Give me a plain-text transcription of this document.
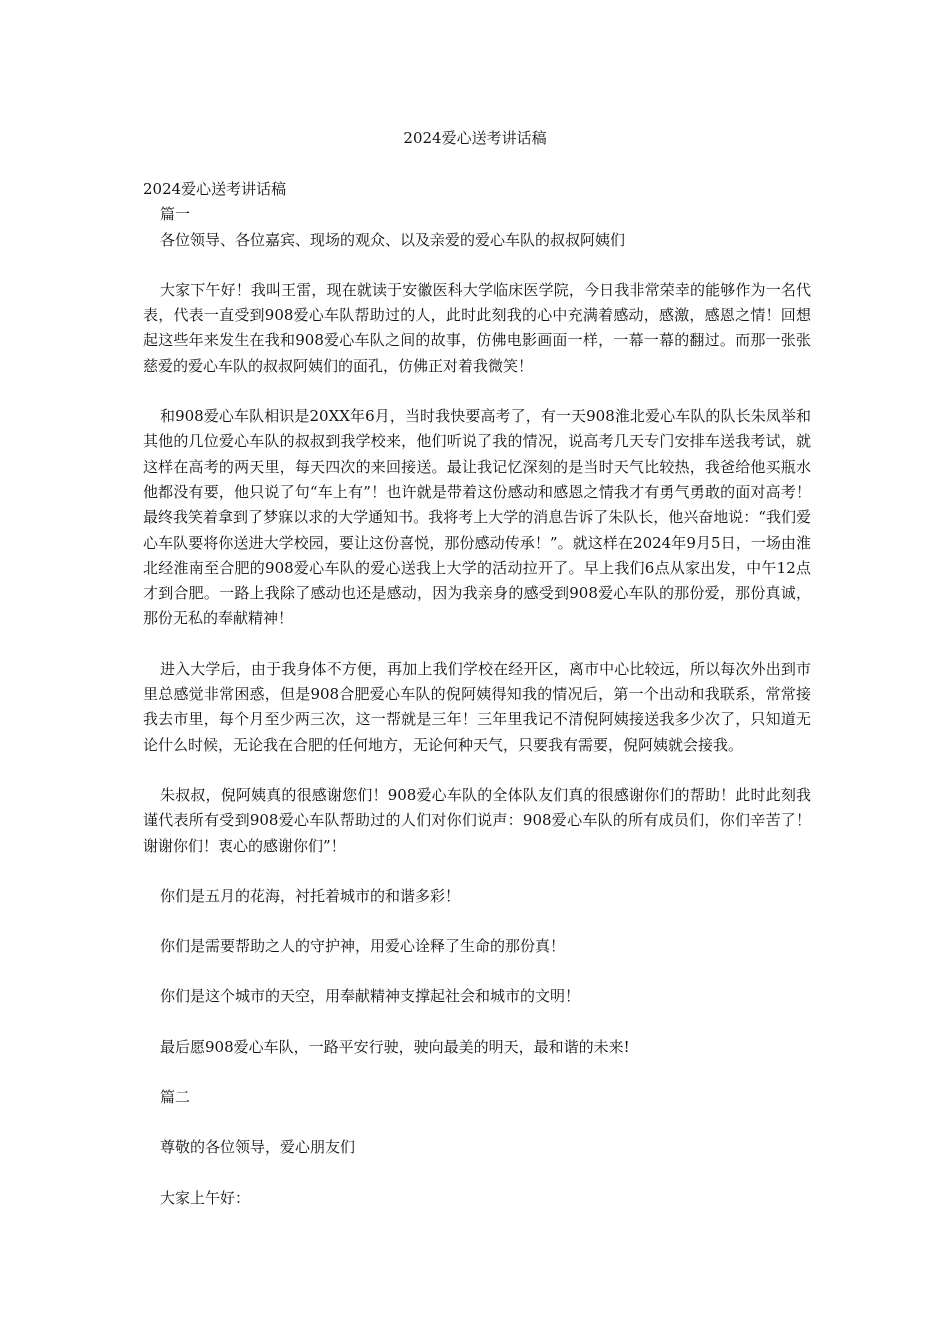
2024爱心送考讲话稿

2024爱心送考讲话稿

篇一

各位领导、各位嘉宾、现场的观众、以及亲爱的爱心车队的叔叔阿姨们

大家下午好！我叫王雷，现在就读于安徽医科大学临床医学院，今日我非常荣幸的能够作为一名代表，代表一直受到908爱心车队帮助过的人，此时此刻我的心中充满着感动，感激，感恩之情！回想起这些年来发生在我和908爱心车队之间的故事，仿佛电影画面一样，一幕一幕的翻过。而那一张张慈爱的爱心车队的叔叔阿姨们的面孔，仿佛正对着我微笑！

和908爱心车队相识是20XX年6月，当时我快要高考了，有一天908淮北爱心车队的队长朱凤举和其他的几位爱心车队的叔叔到我学校来，他们听说了我的情况，说高考几天专门安排车送我考试，就这样在高考的两天里，每天四次的来回接送。最让我记忆深刻的是当时天气比较热，我爸给他买瓶水他都没有要，他只说了句“车上有”！也许就是带着这份感动和感恩之情我才有勇气勇敢的面对高考！最终我笑着拿到了梦寐以求的大学通知书。我将考上大学的消息告诉了朱队长，他兴奋地说：“我们爱心车队要将你送进大学校园，要让这份喜悦，那份感动传承！”。就这样在2024年9月5日，一场由淮北经淮南至合肥的908爱心车队的爱心送我上大学的活动拉开了。早上我们6点从家出发，中午12点才到合肥。一路上我除了感动也还是感动，因为我亲身的感受到908爱心车队的那份爱，那份真诚，那份无私的奉献精神！

进入大学后，由于我身体不方便，再加上我们学校在经开区，离市中心比较远，所以每次外出到市里总感觉非常困惑，但是908合肥爱心车队的倪阿姨得知我的情况后，第一个出动和我联系，常常接我去市里，每个月至少两三次，这一帮就是三年！三年里我记不清倪阿姨接送我多少次了，只知道无论什么时候，无论我在合肥的任何地方，无论何种天气，只要我有需要，倪阿姨就会接我。

朱叔叔，倪阿姨真的很感谢您们！908爱心车队的全体队友们真的很感谢你们的帮助！此时此刻我谨代表所有受到908爱心车队帮助过的人们对你们说声：908爱心车队的所有成员们，你们辛苦了！谢谢你们！衷心的感谢你们”！

你们是五月的花海，衬托着城市的和谐多彩！

你们是需要帮助之人的守护神，用爱心诠释了生命的那份真！

你们是这个城市的天空，用奉献精神支撑起社会和城市的文明！

最后愿908爱心车队，一路平安行驶，驶向最美的明天，最和谐的未来!

篇二

尊敬的各位领导，爱心朋友们

大家上午好：
